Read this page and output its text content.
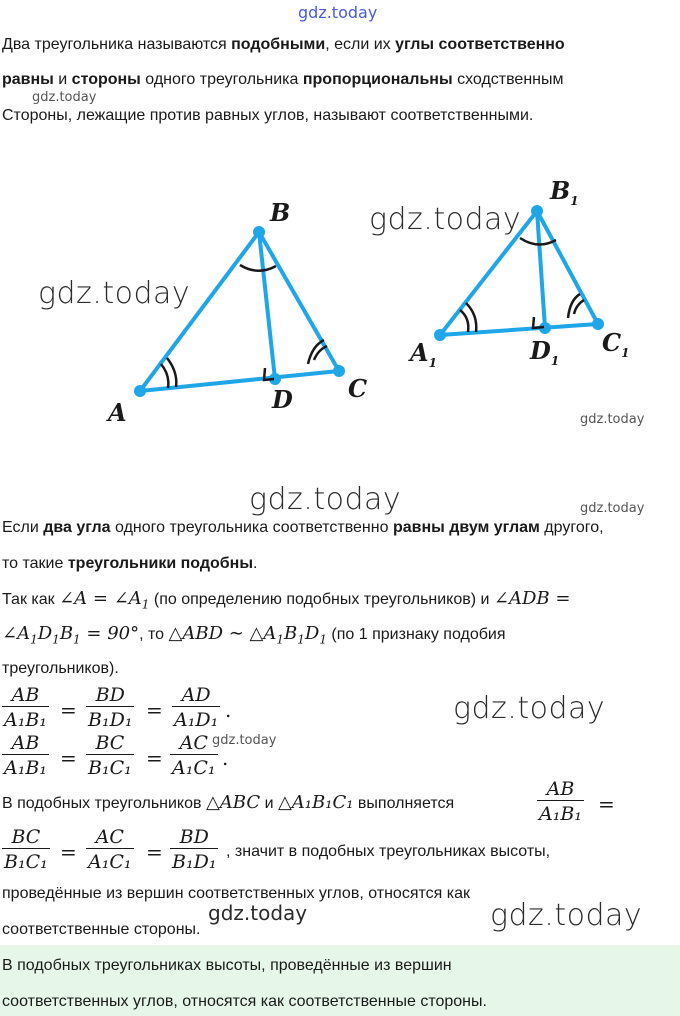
gdz.today
Два треугольника называются подобными, если их углы соответственно
равны и стороны одного треугольника пропорциональны сходственным
gdz.today
Стороны, лежащие против равных углов, называют соответственными.
B
A	D C
$B_1$
$A_1$	$D_1$
$C_1$
gdz.today
gdz.today
gdz.today
gdz.today	gdz.today
Если два угла одного треугольника соответственно равны двум углам другого,
то такие треугольники подобны.
Так как ∠A = $\angle A_1$ (по определению подобных треугольников) и ∠ADB =
$\angle A_1D_1B_1 = 90^\circ$, то △ABD ∼ $\triangle A_1B_1D_1$ (по 1 признаку подобия
треугольников).
$\frac{AB}{\text{A₁B₁}} = \frac{BD}{\text{B₁D₁}} = \frac{AD}{\text{A₁D₁}}$ .	gdz.today
$\frac{AB}{\text{A₁B₁}} = \frac{BC}{\text{B₁C₁}} = \frac{AC}{\text{A₁C₁}}$ .
gdz.today
В подобных треугольников △ABC и △A₁B₁C₁ выполняется	$\frac{AB}{\text{A₁B₁}}$ =
$\frac{BC}{\text{B₁C₁}} = \frac{AC}{\text{A₁C₁}} = \frac{BD}{\text{B₁D₁}}$ , значит в подобных треугольниках высоты,
проведённые из вершин соответственных углов, относятся как
gdz.today	gdz.today
соответственные стороны.
В подобных треугольниках высоты, проведённые из вершин
соответственных углов, относятся как соответственные стороны.
